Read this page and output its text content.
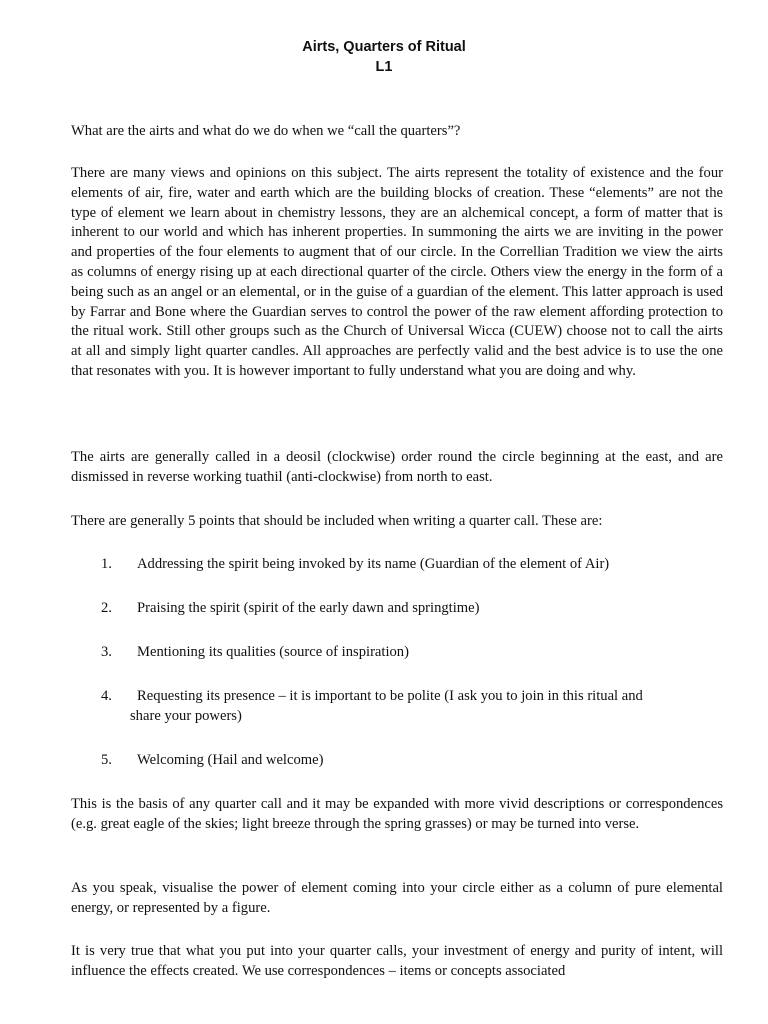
Airts, Quarters of Ritual
L1

What are the airts and what do we do when we “call the quarters”?

There are many views and opinions on this subject. The airts represent the totality of existence and the four elements of air, fire, water and earth which are the building blocks of creation. These “elements” are not the type of element we learn about in chemistry lessons, they are an alchemical concept, a form of matter that is inherent to our world and which has inherent properties. In summoning the airts we are inviting in the power and properties of the four elements to augment that of our circle. In the Correllian Tradition we view the airts as columns of energy rising up at each directional quarter of the circle. Others view the energy in the form of a being such as an angel or an elemental, or in the guise of a guardian of the element. This latter approach is used by Farrar and Bone where the Guardian serves to control the power of the raw element affording protection to the ritual work. Still other groups such as the Church of Universal Wicca (CUEW) choose not to call the airts at all and simply light quarter candles. All approaches are perfectly valid and the best advice is to use the one that resonates with you. It is however important to fully understand what you are doing and why.

The airts are generally called in a deosil (clockwise) order round the circle beginning at the east, and are dismissed in reverse working tuathil (anti-clockwise) from north to east.

There are generally 5 points that should be included when writing a quarter call. These are:

1.	Addressing the spirit being invoked by its name (Guardian of the element of Air)
2.	Praising the spirit (spirit of the early dawn and springtime)
3.	Mentioning its qualities (source of inspiration)
4.	Requesting its presence – it is important to be polite (I ask you to join in this ritual and
share your powers)
5.	Welcoming (Hail and welcome)

This is the basis of any quarter call and it may be expanded with more vivid descriptions or correspondences (e.g. great eagle of the skies; light breeze through the spring grasses) or may be turned into verse.

As you speak, visualise the power of element coming into your circle either as a column of pure elemental energy, or represented by a figure.

It is very true that what you put into your quarter calls, your investment of energy and purity of intent, will influence the effects created. We use correspondences – items or concepts associated
